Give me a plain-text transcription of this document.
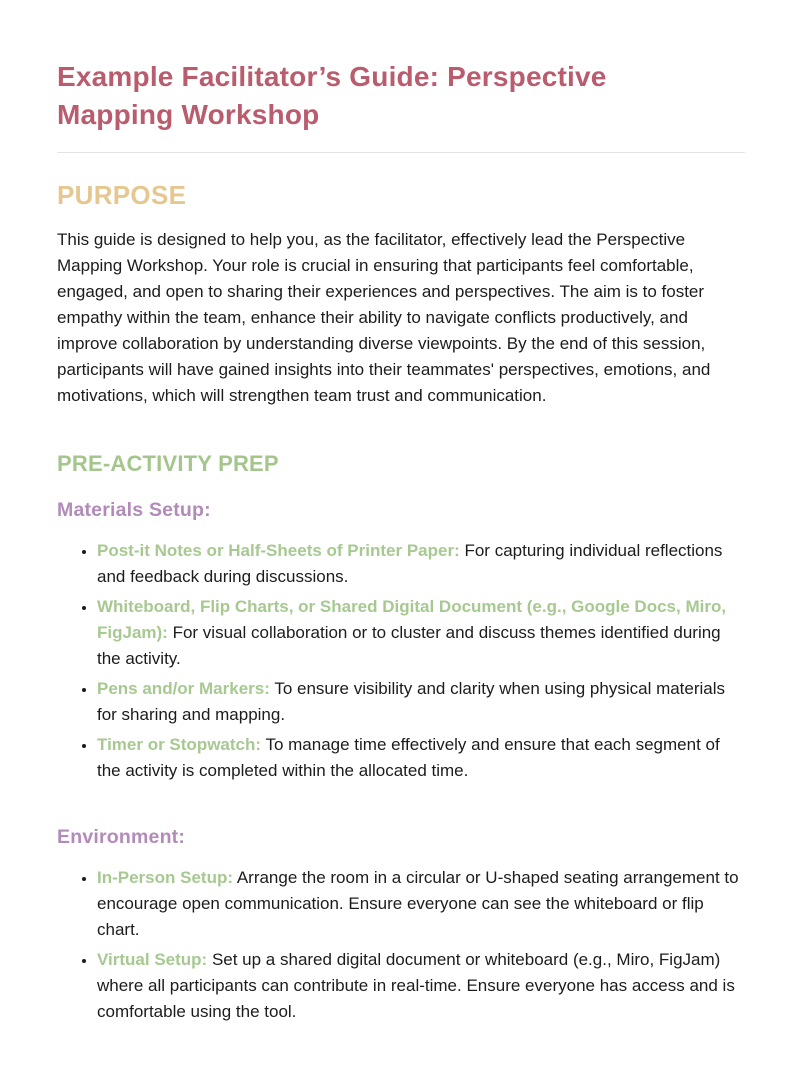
Example Facilitator’s Guide: Perspective Mapping Workshop
PURPOSE

This guide is designed to help you, as the facilitator, effectively lead the Perspective Mapping Workshop. Your role is crucial in ensuring that participants feel comfortable, engaged, and open to sharing their experiences and perspectives. The aim is to foster empathy within the team, enhance their ability to navigate conflicts productively, and improve collaboration by understanding diverse viewpoints. By the end of this session, participants will have gained insights into their teammates' perspectives, emotions, and motivations, which will strengthen team trust and communication.

PRE-ACTIVITY PREP
Materials Setup:
• Post-it Notes or Half-Sheets of Printer Paper: For capturing individual reflections and feedback during discussions.
• Whiteboard, Flip Charts, or Shared Digital Document (e.g., Google Docs, Miro, FigJam): For visual collaboration or to cluster and discuss themes identified during the activity.
• Pens and/or Markers: To ensure visibility and clarity when using physical materials for sharing and mapping.
• Timer or Stopwatch: To manage time effectively and ensure that each segment of the activity is completed within the allocated time.
Environment:
• In-Person Setup: Arrange the room in a circular or U-shaped seating arrangement to encourage open communication. Ensure everyone can see the whiteboard or flip chart.
• Virtual Setup: Set up a shared digital document or whiteboard (e.g., Miro, FigJam) where all participants can contribute in real-time. Ensure everyone has access and is comfortable using the tool.
